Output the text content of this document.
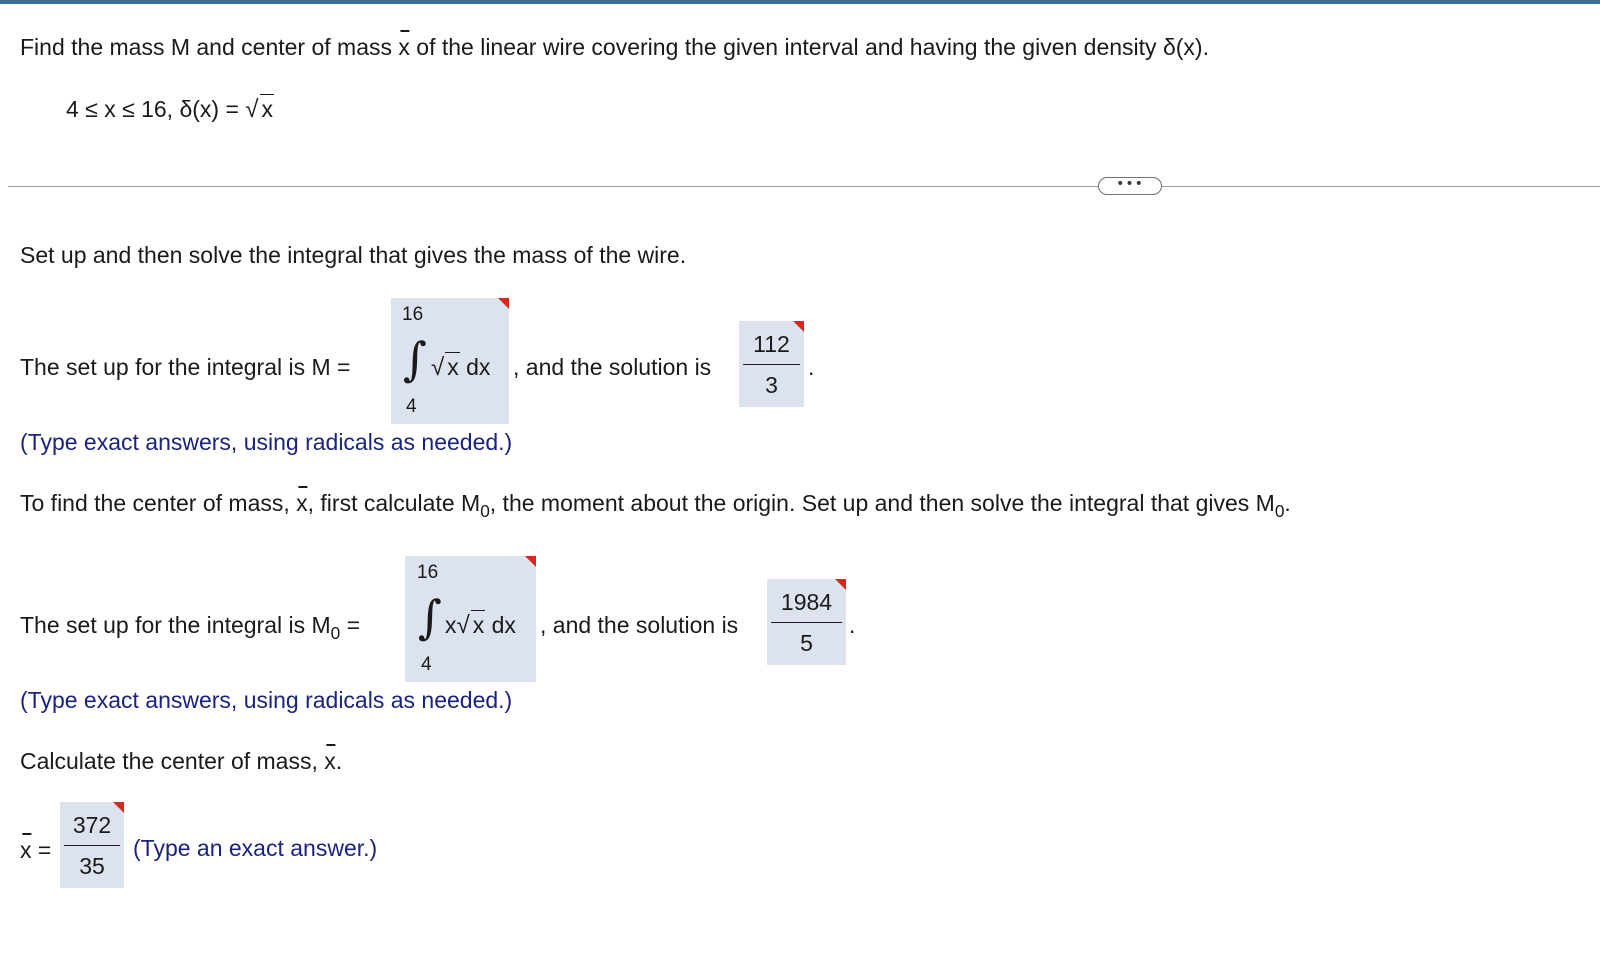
Find the mass M and center of mass x of the linear wire covering the given interval and having the given density δ(x).
4 ≤ x ≤ 16, δ(x) = √ x
•••
Set up and then solve the integral that gives the mass of the wire.
The set up for the integral is M =
16
∫ √ x dx
4
, and the solution is
112
3
.
(Type exact answers, using radicals as needed.)
To find the center of mass, x, first calculate $M_0$, the moment about the origin. Set up and then solve the integral that gives $M_0$.
The set up for the integral is $M_0$ =
16
∫ x√ x dx
4
, and the solution is
1984
5
.
(Type exact answers, using radicals as needed.)
Calculate the center of mass, x.
x =
372
35
(Type an exact answer.)
